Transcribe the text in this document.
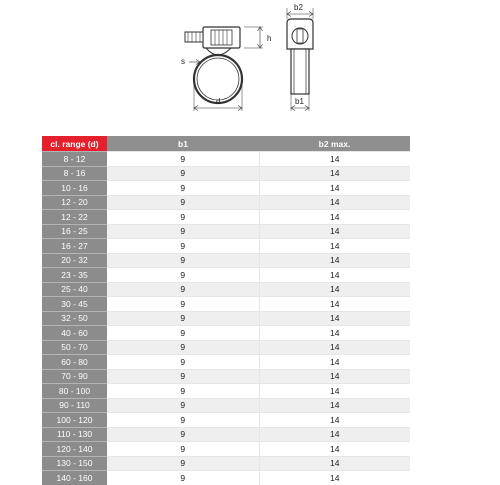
h
s
d
b2
b1
cl. range (d)	b1	b2 max.
8 - 12	9	14
8 - 16	9	14
10 - 16	9	14
12 - 20	9	14
12 - 22	9	14
16 - 25	9	14
16 - 27	9	14
20 - 32	9	14
23 - 35	9	14
25 - 40	9	14
30 - 45	9	14
32 - 50	9	14
40 - 60	9	14
50 - 70	9	14
60 - 80	9	14
70 - 90	9	14
80 - 100	9	14
90 - 110	9	14
100 - 120	9	14
110 - 130	9	14
120 - 140	9	14
130 - 150	9	14
140 - 160	9	14
